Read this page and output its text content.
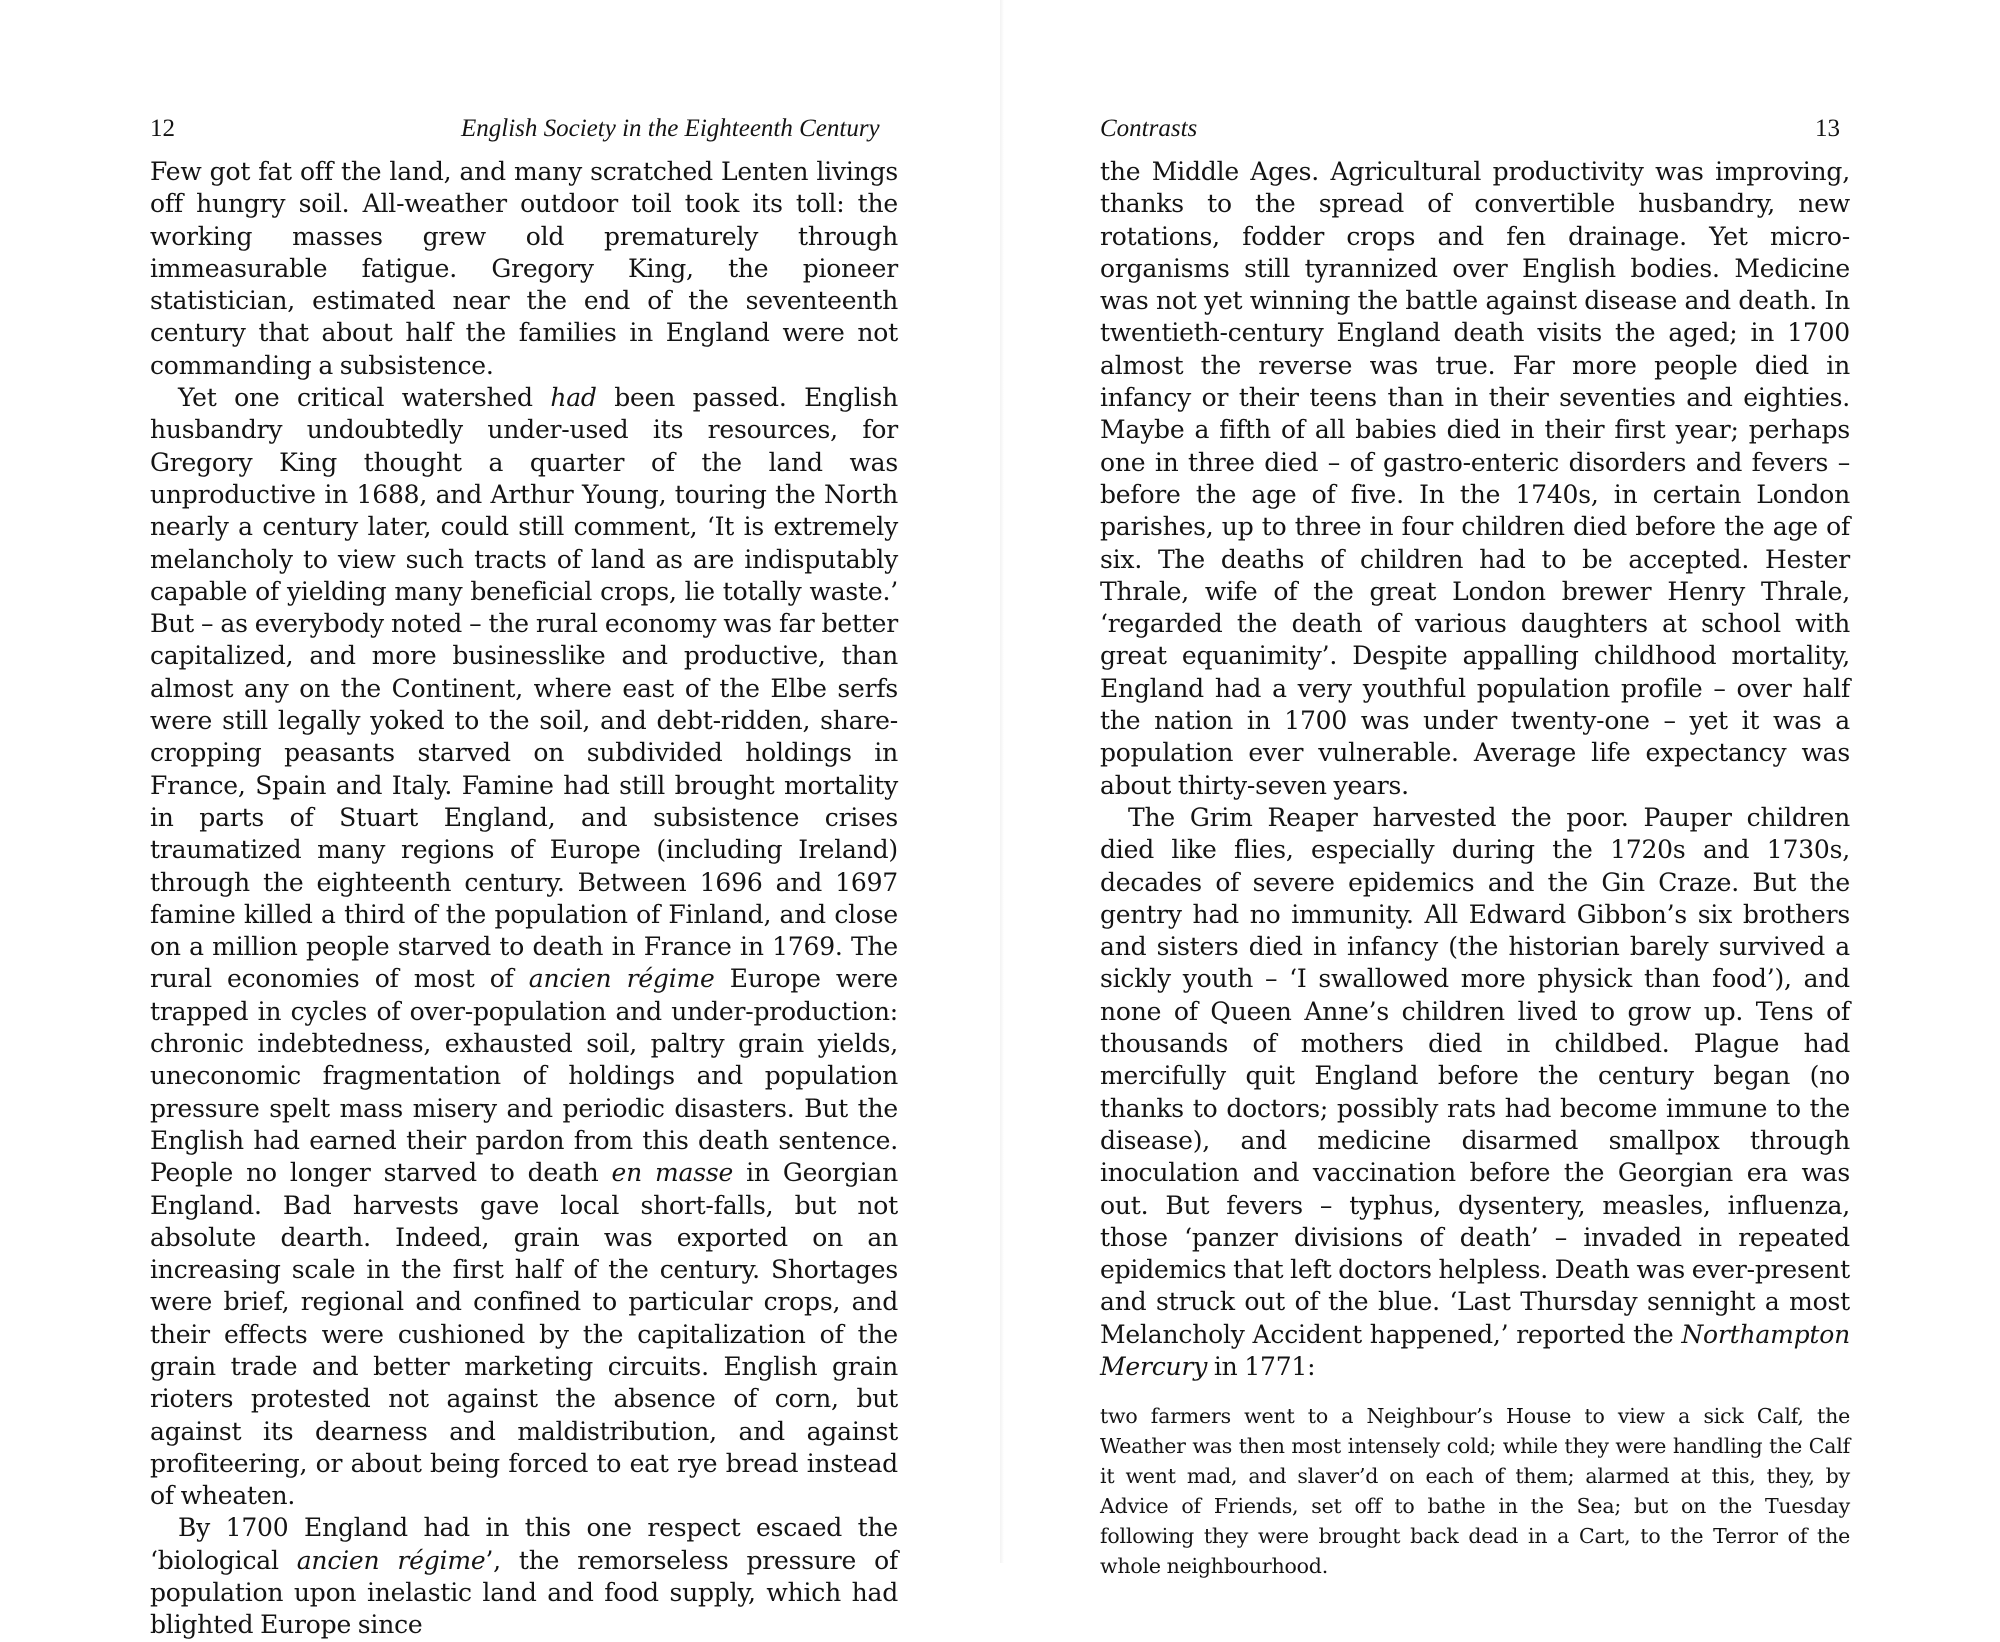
12	English Society in the Eighteenth Century

Few got fat off the land, and many scratched Lenten livings off hungry soil. All-weather outdoor toil took its toll: the working masses grew old prematurely through immeasurable fatigue. Gregory King, the pioneer statistician, estimated near the end of the seventeenth century that about half the families in England were not commanding a subsistence.

Yet one critical watershed had been passed. English husbandry undoubtedly under-used its resources, for Gregory King thought a quarter of the land was unproductive in 1688, and Arthur Young, touring the North nearly a century later, could still comment, ‘It is extremely melancholy to view such tracts of land as are indisputably capable of yielding many beneficial crops, lie totally waste.’ But – as everybody noted – the rural economy was far better capitalized, and more businesslike and productive, than almost any on the Continent, where east of the Elbe serfs were still legally yoked to the soil, and debt-ridden, share-cropping peasants starved on subdivided holdings in France, Spain and Italy. Famine had still brought mortality in parts of Stuart England, and subsistence crises traumatized many regions of Europe (including Ireland) through the eighteenth century. Between 1696 and 1697 famine killed a third of the population of Finland, and close on a million people starved to death in France in 1769. The rural economies of most of ancien régime Europe were trapped in cycles of over-population and under-production: chronic indebtedness, exhausted soil, paltry grain yields, uneconomic fragmentation of holdings and population pressure spelt mass misery and periodic disasters. But the English had earned their pardon from this death sentence. People no longer starved to death en masse in Georgian England. Bad harvests gave local short-falls, but not absolute dearth. Indeed, grain was exported on an increasing scale in the first half of the century. Shortages were brief, regional and confined to particular crops, and their effects were cushioned by the capitalization of the grain trade and better marketing circuits. English grain rioters protested not against the absence of corn, but against its dearness and maldistribution, and against profiteering, or about being forced to eat rye bread instead of wheaten.

By 1700 England had in this one respect escaed the ‘biological ancien régime’, the remorseless pressure of population upon inelastic land and food supply, which had blighted Europe since

Contrasts	13

the Middle Ages. Agricultural productivity was improving, thanks to the spread of convertible husbandry, new rotations, fodder crops and fen drainage. Yet micro-organisms still tyrannized over English bodies. Medicine was not yet winning the battle against disease and death. In twentieth-century England death visits the aged; in 1700 almost the reverse was true. Far more people died in infancy or their teens than in their seventies and eighties. Maybe a fifth of all babies died in their first year; perhaps one in three died – of gastro-enteric disorders and fevers – before the age of five. In the 1740s, in certain London parishes, up to three in four children died before the age of six. The deaths of children had to be accepted. Hester Thrale, wife of the great London brewer Henry Thrale, ‘regarded the death of various daughters at school with great equanimity’. Despite appalling childhood mortality, England had a very youthful population profile – over half the nation in 1700 was under twenty-one – yet it was a population ever vulnerable. Average life expectancy was about thirty-seven years.

The Grim Reaper harvested the poor. Pauper children died like flies, especially during the 1720s and 1730s, decades of severe epidemics and the Gin Craze. But the gentry had no immunity. All Edward Gibbon’s six brothers and sisters died in infancy (the historian barely survived a sickly youth – ‘I swallowed more physick than food’), and none of Queen Anne’s children lived to grow up. Tens of thousands of mothers died in childbed. Plague had mercifully quit England before the century began (no thanks to doctors; possibly rats had become immune to the disease), and medicine disarmed smallpox through inoculation and vaccination before the Georgian era was out. But fevers – typhus, dysentery, measles, influenza, those ‘panzer divisions of death’ – invaded in repeated epidemics that left doctors helpless. Death was ever-present and struck out of the blue. ‘Last Thursday sennight a most Melancholy Accident happened,’ reported the Northampton Mercury in 1771:

two farmers went to a Neighbour’s House to view a sick Calf, the Weather was then most intensely cold; while they were handling the Calf it went mad, and slaver’d on each of them; alarmed at this, they, by Advice of Friends, set off to bathe in the Sea; but on the Tuesday following they were brought back dead in a Cart, to the Terror of the whole neighbourhood.
